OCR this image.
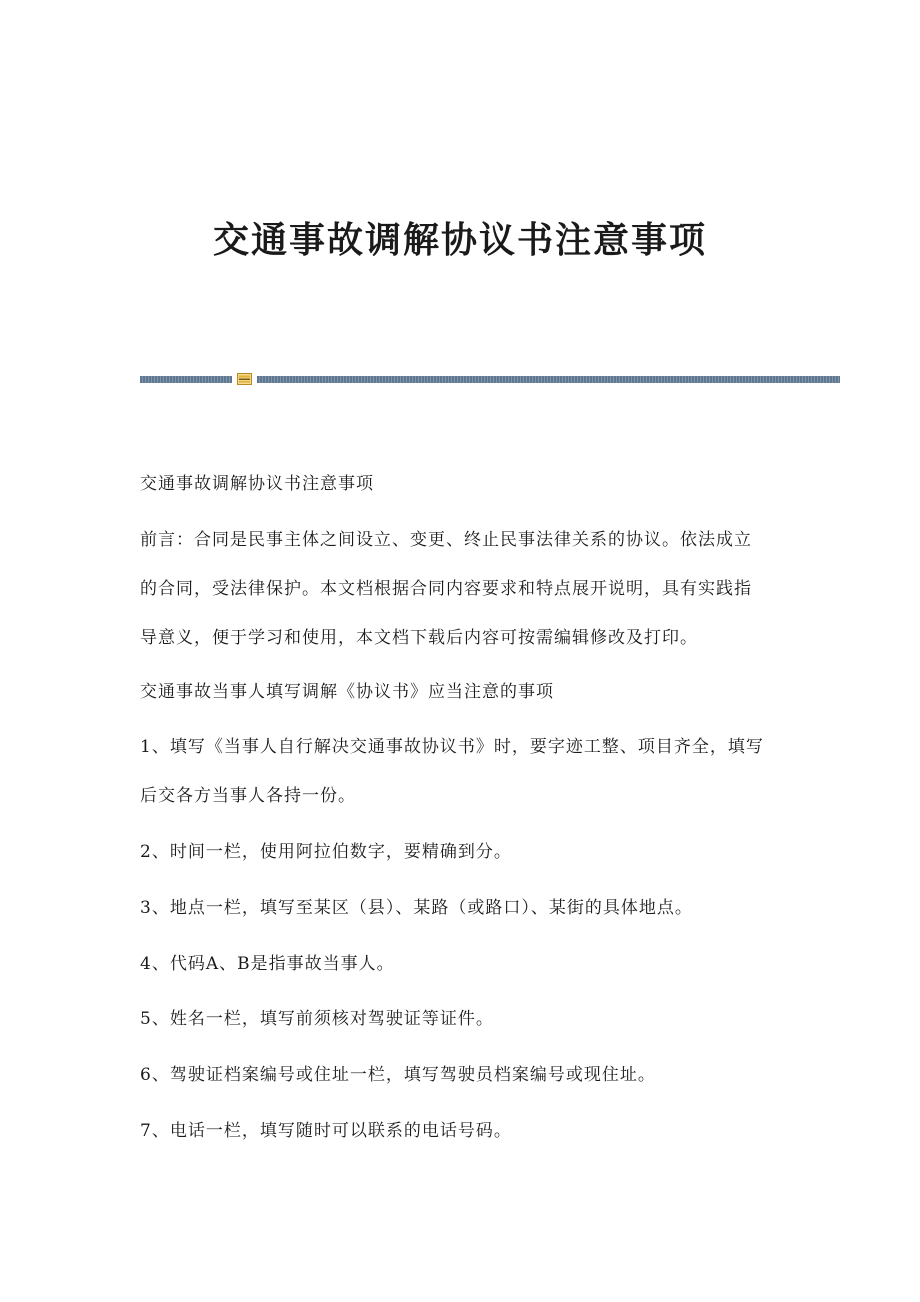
交通事故调解协议书注意事项
交通事故调解协议书注意事项
前言：合同是民事主体之间设立、变更、终止民事法律关系的协议。依法成立
的合同，受法律保护。本文档根据合同内容要求和特点展开说明，具有实践指
导意义，便于学习和使用，本文档下载后内容可按需编辑修改及打印。
交通事故当事人填写调解《协议书》应当注意的事项
1、填写《当事人自行解决交通事故协议书》时，要字迹工整、项目齐全，填写
后交各方当事人各持一份。
2、时间一栏，使用阿拉伯数字，要精确到分。
3、地点一栏，填写至某区（县）、某路（或路口）、某街的具体地点。
4、代码A、B是指事故当事人。
5、姓名一栏，填写前须核对驾驶证等证件。
6、驾驶证档案编号或住址一栏，填写驾驶员档案编号或现住址。
7、电话一栏，填写随时可以联系的电话号码。
